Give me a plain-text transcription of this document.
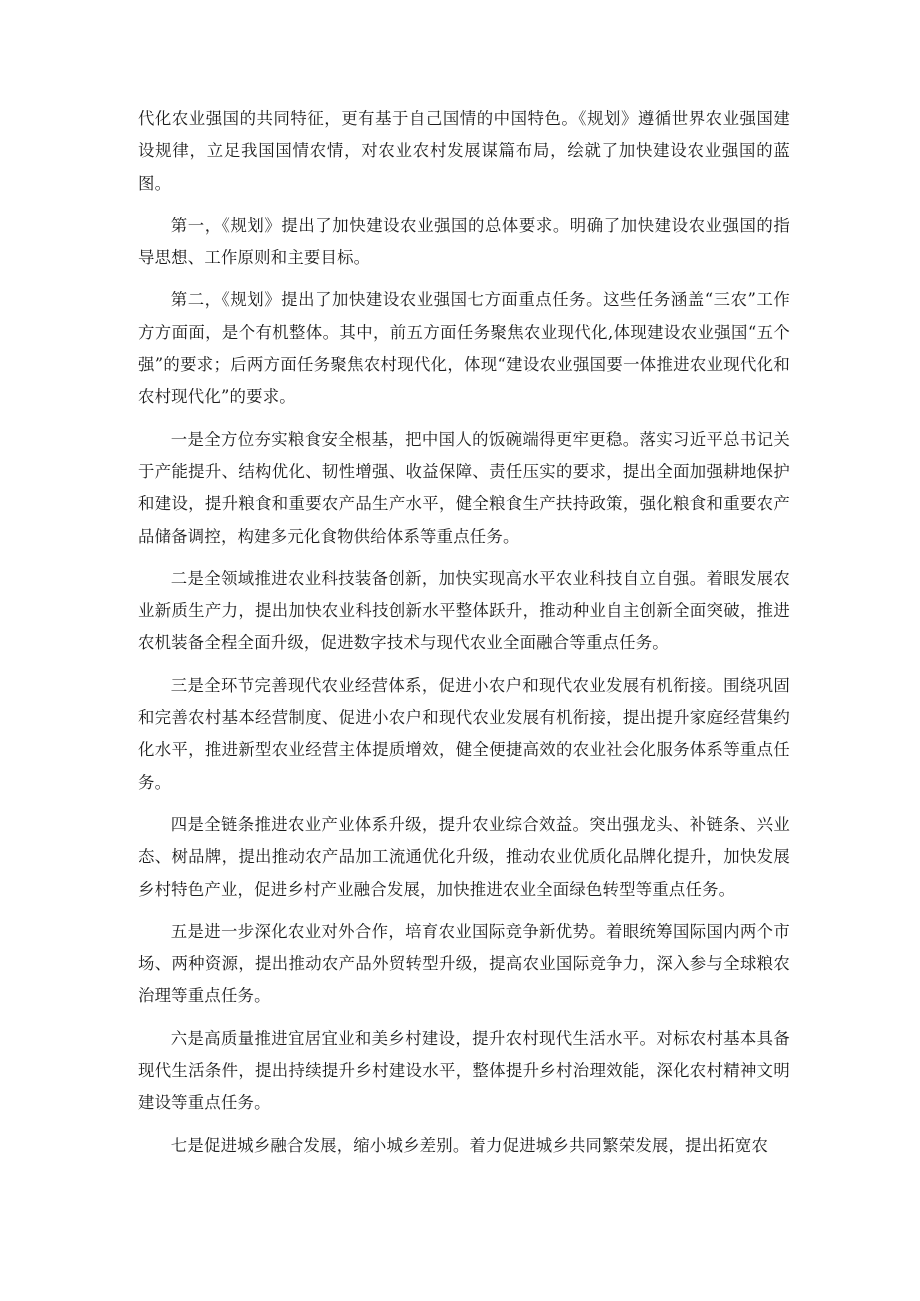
代化农业强国的共同特征，更有基于自己国情的中国特色。《规划》遵循世界农业强国建设规律，立足我国国情农情，对农业农村发展谋篇布局，绘就了加快建设农业强国的蓝图。

第一，《规划》提出了加快建设农业强国的总体要求。明确了加快建设农业强国的指导思想、工作原则和主要目标。

第二，《规划》提出了加快建设农业强国七方面重点任务。这些任务涵盖“三农”工作方方面面，是个有机整体。其中，前五方面任务聚焦农业现代化,体现建设农业强国“五个强”的要求；后两方面任务聚焦农村现代化，体现“建设农业强国要一体推进农业现代化和农村现代化”的要求。

一是全方位夯实粮食安全根基，把中国人的饭碗端得更牢更稳。落实习近平总书记关于产能提升、结构优化、韧性增强、收益保障、责任压实的要求，提出全面加强耕地保护和建设，提升粮食和重要农产品生产水平，健全粮食生产扶持政策，强化粮食和重要农产品储备调控，构建多元化食物供给体系等重点任务。

二是全领域推进农业科技装备创新，加快实现高水平农业科技自立自强。着眼发展农业新质生产力，提出加快农业科技创新水平整体跃升，推动种业自主创新全面突破，推进农机装备全程全面升级，促进数字技术与现代农业全面融合等重点任务。

三是全环节完善现代农业经营体系，促进小农户和现代农业发展有机衔接。围绕巩固和完善农村基本经营制度、促进小农户和现代农业发展有机衔接，提出提升家庭经营集约化水平，推进新型农业经营主体提质增效，健全便捷高效的农业社会化服务体系等重点任务。

四是全链条推进农业产业体系升级，提升农业综合效益。突出强龙头、补链条、兴业态、树品牌，提出推动农产品加工流通优化升级，推动农业优质化品牌化提升，加快发展乡村特色产业，促进乡村产业融合发展，加快推进农业全面绿色转型等重点任务。

五是进一步深化农业对外合作，培育农业国际竞争新优势。着眼统筹国际国内两个市场、两种资源，提出推动农产品外贸转型升级，提高农业国际竞争力，深入参与全球粮农治理等重点任务。

六是高质量推进宜居宜业和美乡村建设，提升农村现代生活水平。对标农村基本具备现代生活条件，提出持续提升乡村建设水平，整体提升乡村治理效能，深化农村精神文明建设等重点任务。

七是促进城乡融合发展，缩小城乡差别。着力促进城乡共同繁荣发展，提出拓宽农
